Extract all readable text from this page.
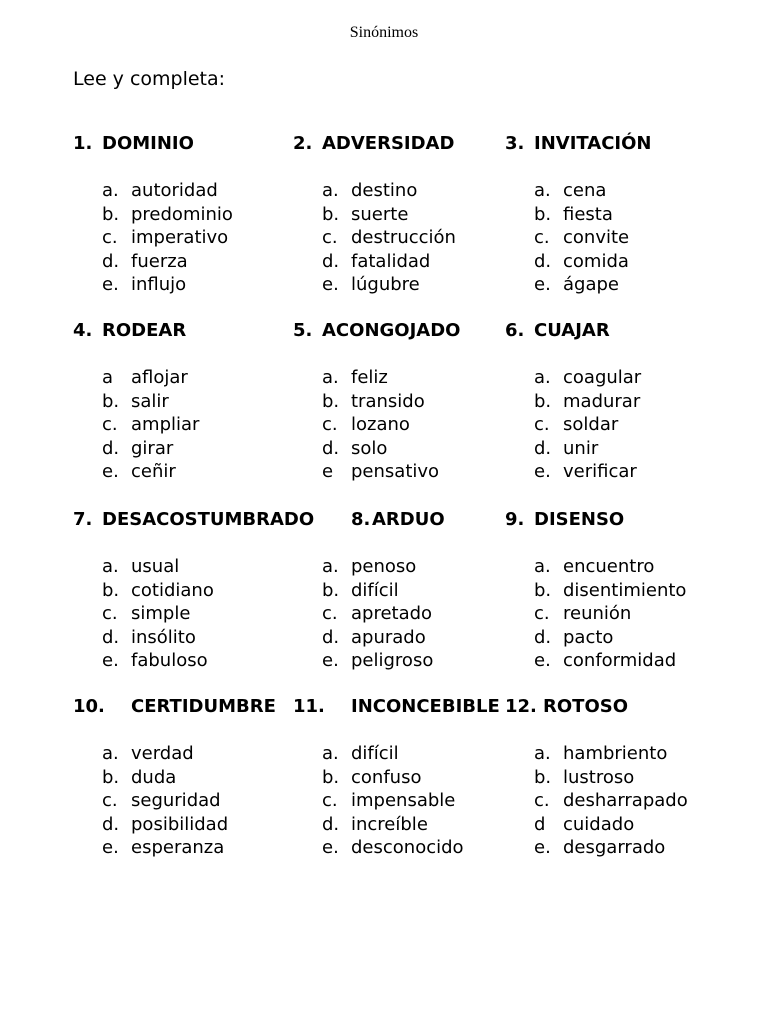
Sinónimos
Lee y completa:
1. DOMINIO
a. autoridad
b. predominio
c. imperativo
d. fuerza
e. influjo
2. ADVERSIDAD
a. destino
b. suerte
c. destrucción
d. fatalidad
e. lúgubre
3. INVITACIÓN
a. cena
b. fiesta
c. convite
d. comida
e. ágape
4. RODEAR
a aflojar
b. salir
c. ampliar
d. girar
e. ceñir
5. ACONGOJADO
a. feliz
b. transido
c. lozano
d. solo
e pensativo
6. CUAJAR
a. coagular
b. madurar
c. soldar
d. unir
e. verificar
7. DESACOSTUMBRADO
a. usual
b. cotidiano
c. simple
d. insólito
e. fabuloso
8. ARDUO
a. penoso
b. difícil
c. apretado
d. apurado
e. peligroso
9. DISENSO
a. encuentro
b. disentimiento
c. reunión
d. pacto
e. conformidad
10. CERTIDUMBRE
a. verdad
b. duda
c. seguridad
d. posibilidad
e. esperanza
11. INCONCEBIBLE
a. difícil
b. confuso
c. impensable
d. increíble
e. desconocido
12. ROTOSO
a. hambriento
b. lustroso
c. desharrapado
d cuidado
e. desgarrado
